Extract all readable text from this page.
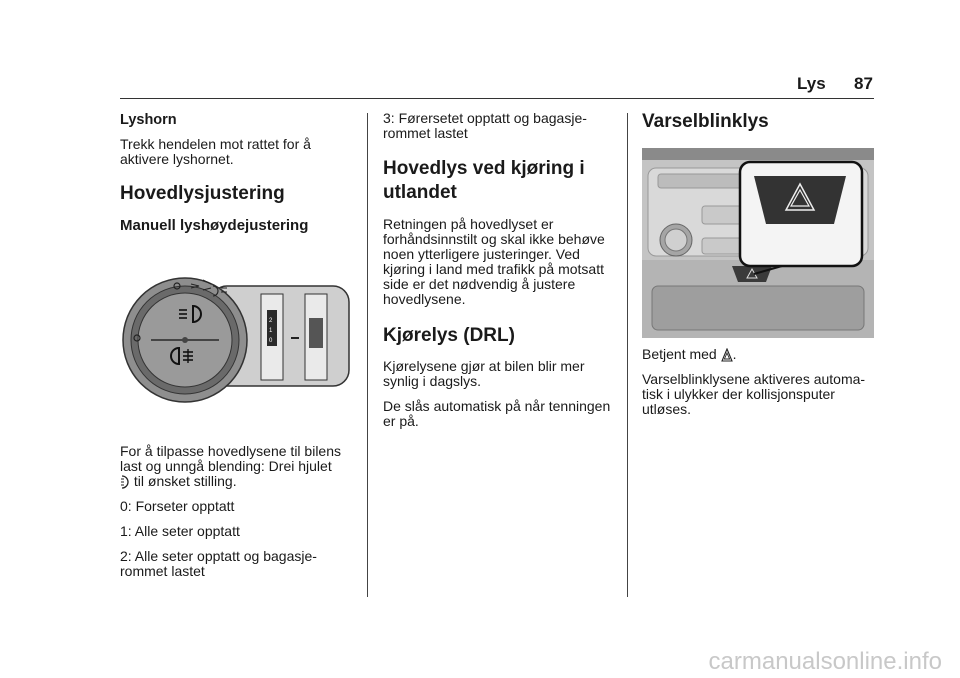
Lys 87
Lyshorn

Trekk hendelen mot rattet for å aktivere lyshornet.

Hovedlysjustering
Manuell lyshøydejustering
2
1
0

For å tilpasse hovedlysene til bilens last og unngå blending: Drei hjulet
til ønsket stilling.

0: Forseter opptatt

1: Alle seter opptatt

2: Alle seter opptatt og bagasje-rommet lastet

3: Førersetet opptatt og bagasje-rommet lastet

Hovedlys ved kjøring i utlandet

Retningen på hovedlyset er forhåndsinnstilt og skal ikke behøve noen ytterligere justeringer. Ved kjøring i land med trafikk på motsatt side er det nødvendig å justere hovedlysene.

Kjørelys (DRL)

Kjørelysene gjør at bilen blir mer synlig i dagslys.

De slås automatisk på når tenningen er på.

Varselblinklys

Betjent med .

Varselblinklysene aktiveres automa-tisk i ulykker der kollisjonsputer utløses.

carmanualsonline.info
